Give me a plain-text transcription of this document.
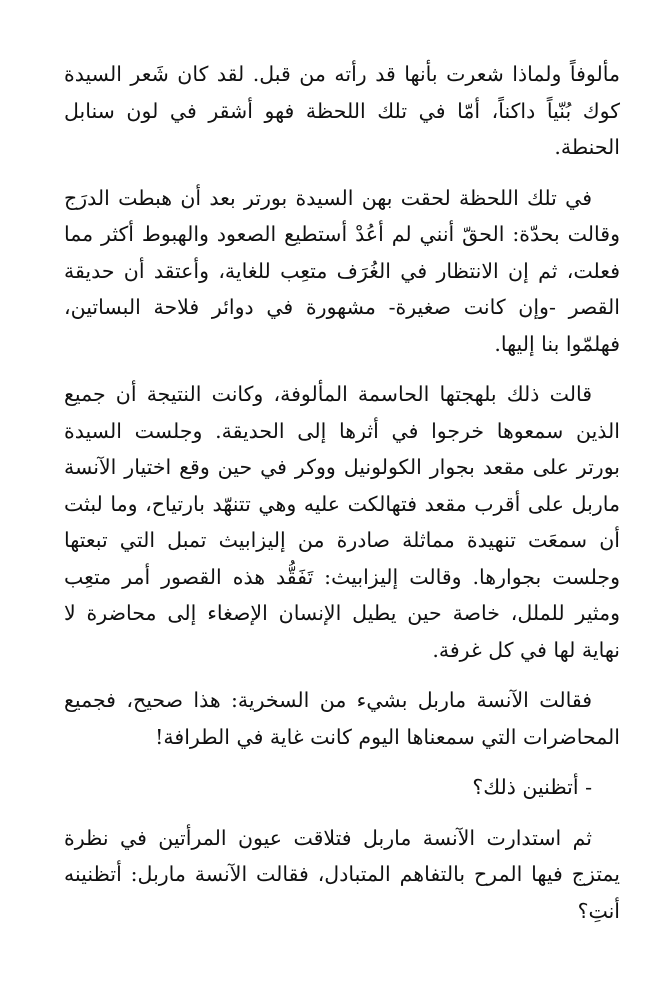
مألوفاً ولماذا شعرت بأنها قد رأته من قبل. لقد كان شَعر السيدة كوك بُنّياً داكناً، أمّا في تلك اللحظة فهو أشقر في لون سنابل الحنطة.

في تلك اللحظة لحقت بهن السيدة بورتر بعد أن هبطت الدرَج وقالت بحدّة: الحقّ أنني لم أعُدْ أستطيع الصعود والهبوط أكثر مما فعلت، ثم إن الانتظار في الغُرَف متعِب للغاية، وأعتقد أن حديقة القصر -وإن كانت صغيرة- مشهورة في دوائر فلاحة البساتين، فهلمّوا بنا إليها.

قالت ذلك بلهجتها الحاسمة المألوفة، وكانت النتيجة أن جميع الذين سمعوها خرجوا في أثرها إلى الحديقة. وجلست السيدة بورتر على مقعد بجوار الكولونيل ووكر في حين وقع اختيار الآنسة ماربل على أقرب مقعد فتهالكت عليه وهي تتنهّد بارتياح، وما لبثت أن سمعَت تنهيدة مماثلة صادرة من إليزابيث تمبل التي تبعتها وجلست بجوارها. وقالت إليزابيث: تَفَقُّد هذه القصور أمر متعِب ومثير للملل، خاصة حين يطيل الإنسان الإصغاء إلى محاضرة لا نهاية لها في كل غرفة.

فقالت الآنسة ماربل بشيء من السخرية: هذا صحيح، فجميع المحاضرات التي سمعناها اليوم كانت غاية في الطرافة!

- أتظنين ذلك؟

ثم استدارت الآنسة ماربل فتلاقت عيون المرأتين في نظرة يمتزج فيها المرح بالتفاهم المتبادل، فقالت الآنسة ماربل: أتظنينه أنتِ؟
